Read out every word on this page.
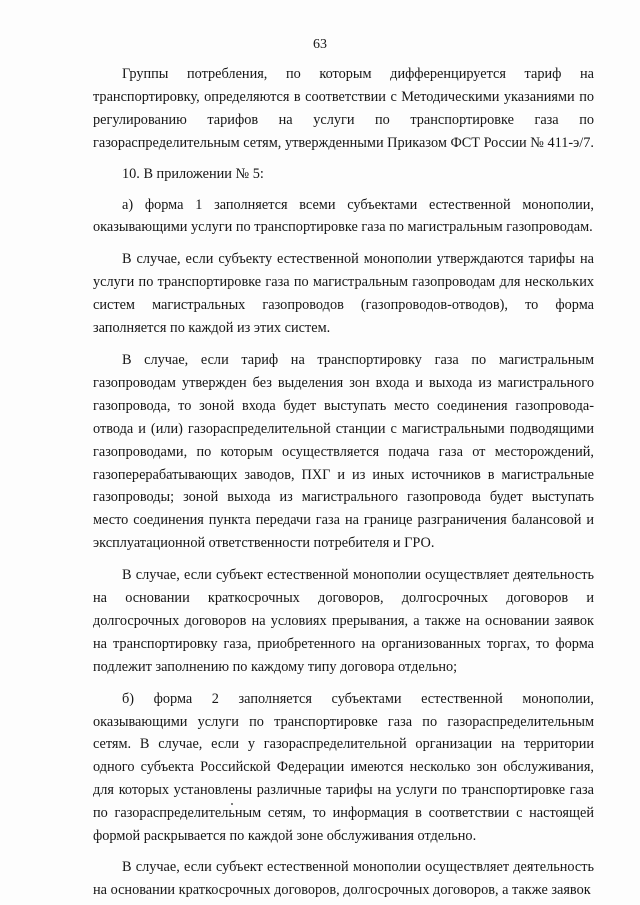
63

Группы потребления, по которым дифференцируется тариф на транспортировку, определяются в соответствии с Методическими указаниями по регулированию тарифов на услуги по транспортировке газа по газораспределительным сетям, утвержденными Приказом ФСТ России № 411-э/7.

10. В приложении № 5:

а) форма 1 заполняется всеми субъектами естественной монополии, оказывающими услуги по транспортировке газа по магистральным газопроводам.

В случае, если субъекту естественной монополии утверждаются тарифы на услуги по транспортировке газа по магистральным газопроводам для нескольких систем магистральных газопроводов (газопроводов-отводов), то форма заполняется по каждой из этих систем.

В случае, если тариф на транспортировку газа по магистральным газопроводам утвержден без выделения зон входа и выхода из магистрального газопровода, то зоной входа будет выступать место соединения газопровода-отвода и (или) газораспределительной станции с магистральными подводящими газопроводами, по которым осуществляется подача газа от месторождений, газоперерабатывающих заводов, ПХГ и из иных источников в магистральные газопроводы; зоной выхода из магистрального газопровода будет выступать место соединения пункта передачи газа на границе разграничения балансовой и эксплуатационной ответственности потребителя и ГРО.

В случае, если субъект естественной монополии осуществляет деятельность на основании краткосрочных договоров, долгосрочных договоров и долгосрочных договоров на условиях прерывания, а также на основании заявок на транспортировку газа, приобретенного на организованных торгах, то форма подлежит заполнению по каждому типу договора отдельно;

б) форма 2 заполняется субъектами естественной монополии, оказывающими услуги по транспортировке газа по газораспределительным сетям. В случае, если у газораспределительной организации на территории одного субъекта Российской Федерации имеются несколько зон обслуживания, для которых установлены различные тарифы на услуги по транспортировке газа по газораспределительным сетям, то информация в соответствии с настоящей формой раскрывается по каждой зоне обслуживания отдельно.

В случае, если субъект естественной монополии осуществляет деятельность на основании краткосрочных договоров, долгосрочных договоров, а также заявок
